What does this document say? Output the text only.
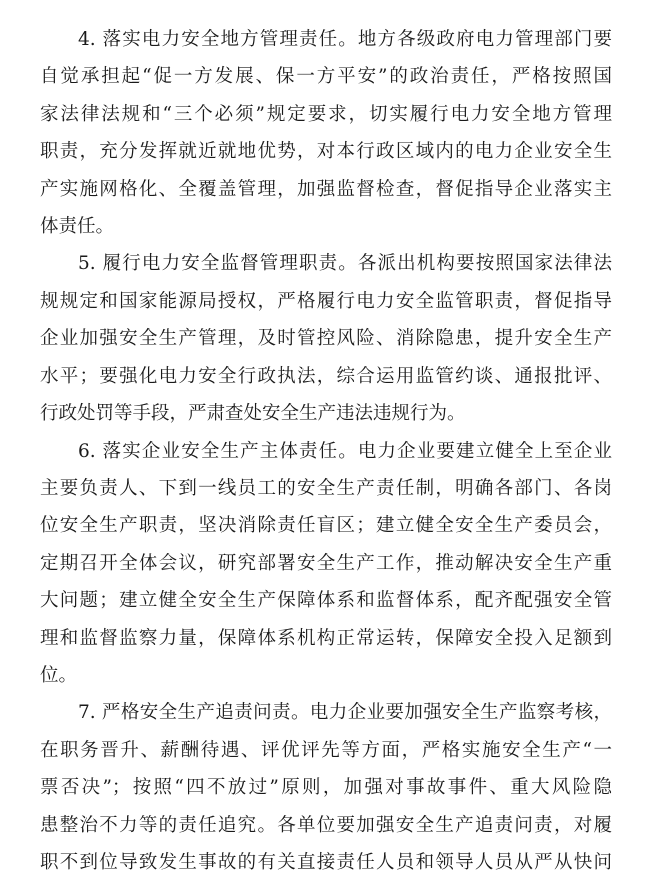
4. 落实电力安全地方管理责任。地方各级政府电力管理部门要

自觉承担起“促一方发展、保一方平安”的政治责任，严格按照国

家法律法规和“三个必须”规定要求，切实履行电力安全地方管理

职责，充分发挥就近就地优势，对本行政区域内的电力企业安全生

产实施网格化、全覆盖管理，加强监督检查，督促指导企业落实主

体责任。

5. 履行电力安全监督管理职责。各派出机构要按照国家法律法

规规定和国家能源局授权，严格履行电力安全监管职责，督促指导

企业加强安全生产管理，及时管控风险、消除隐患，提升安全生产

水平；要强化电力安全行政执法，综合运用监管约谈、通报批评、

行政处罚等手段，严肃查处安全生产违法违规行为。

6. 落实企业安全生产主体责任。电力企业要建立健全上至企业

主要负责人、下到一线员工的安全生产责任制，明确各部门、各岗

位安全生产职责，坚决消除责任盲区；建立健全安全生产委员会，

定期召开全体会议，研究部署安全生产工作，推动解决安全生产重

大问题；建立健全安全生产保障体系和监督体系，配齐配强安全管

理和监督监察力量，保障体系机构正常运转，保障安全投入足额到

位。

7. 严格安全生产追责问责。电力企业要加强安全生产监察考核，

在职务晋升、薪酬待遇、评优评先等方面，严格实施安全生产“一

票否决”；按照“四不放过”原则，加强对事故事件、重大风险隐

患整治不力等的责任追究。各单位要加强安全生产追责问责，对履

职不到位导致发生事故的有关直接责任人员和领导人员从严从快问
